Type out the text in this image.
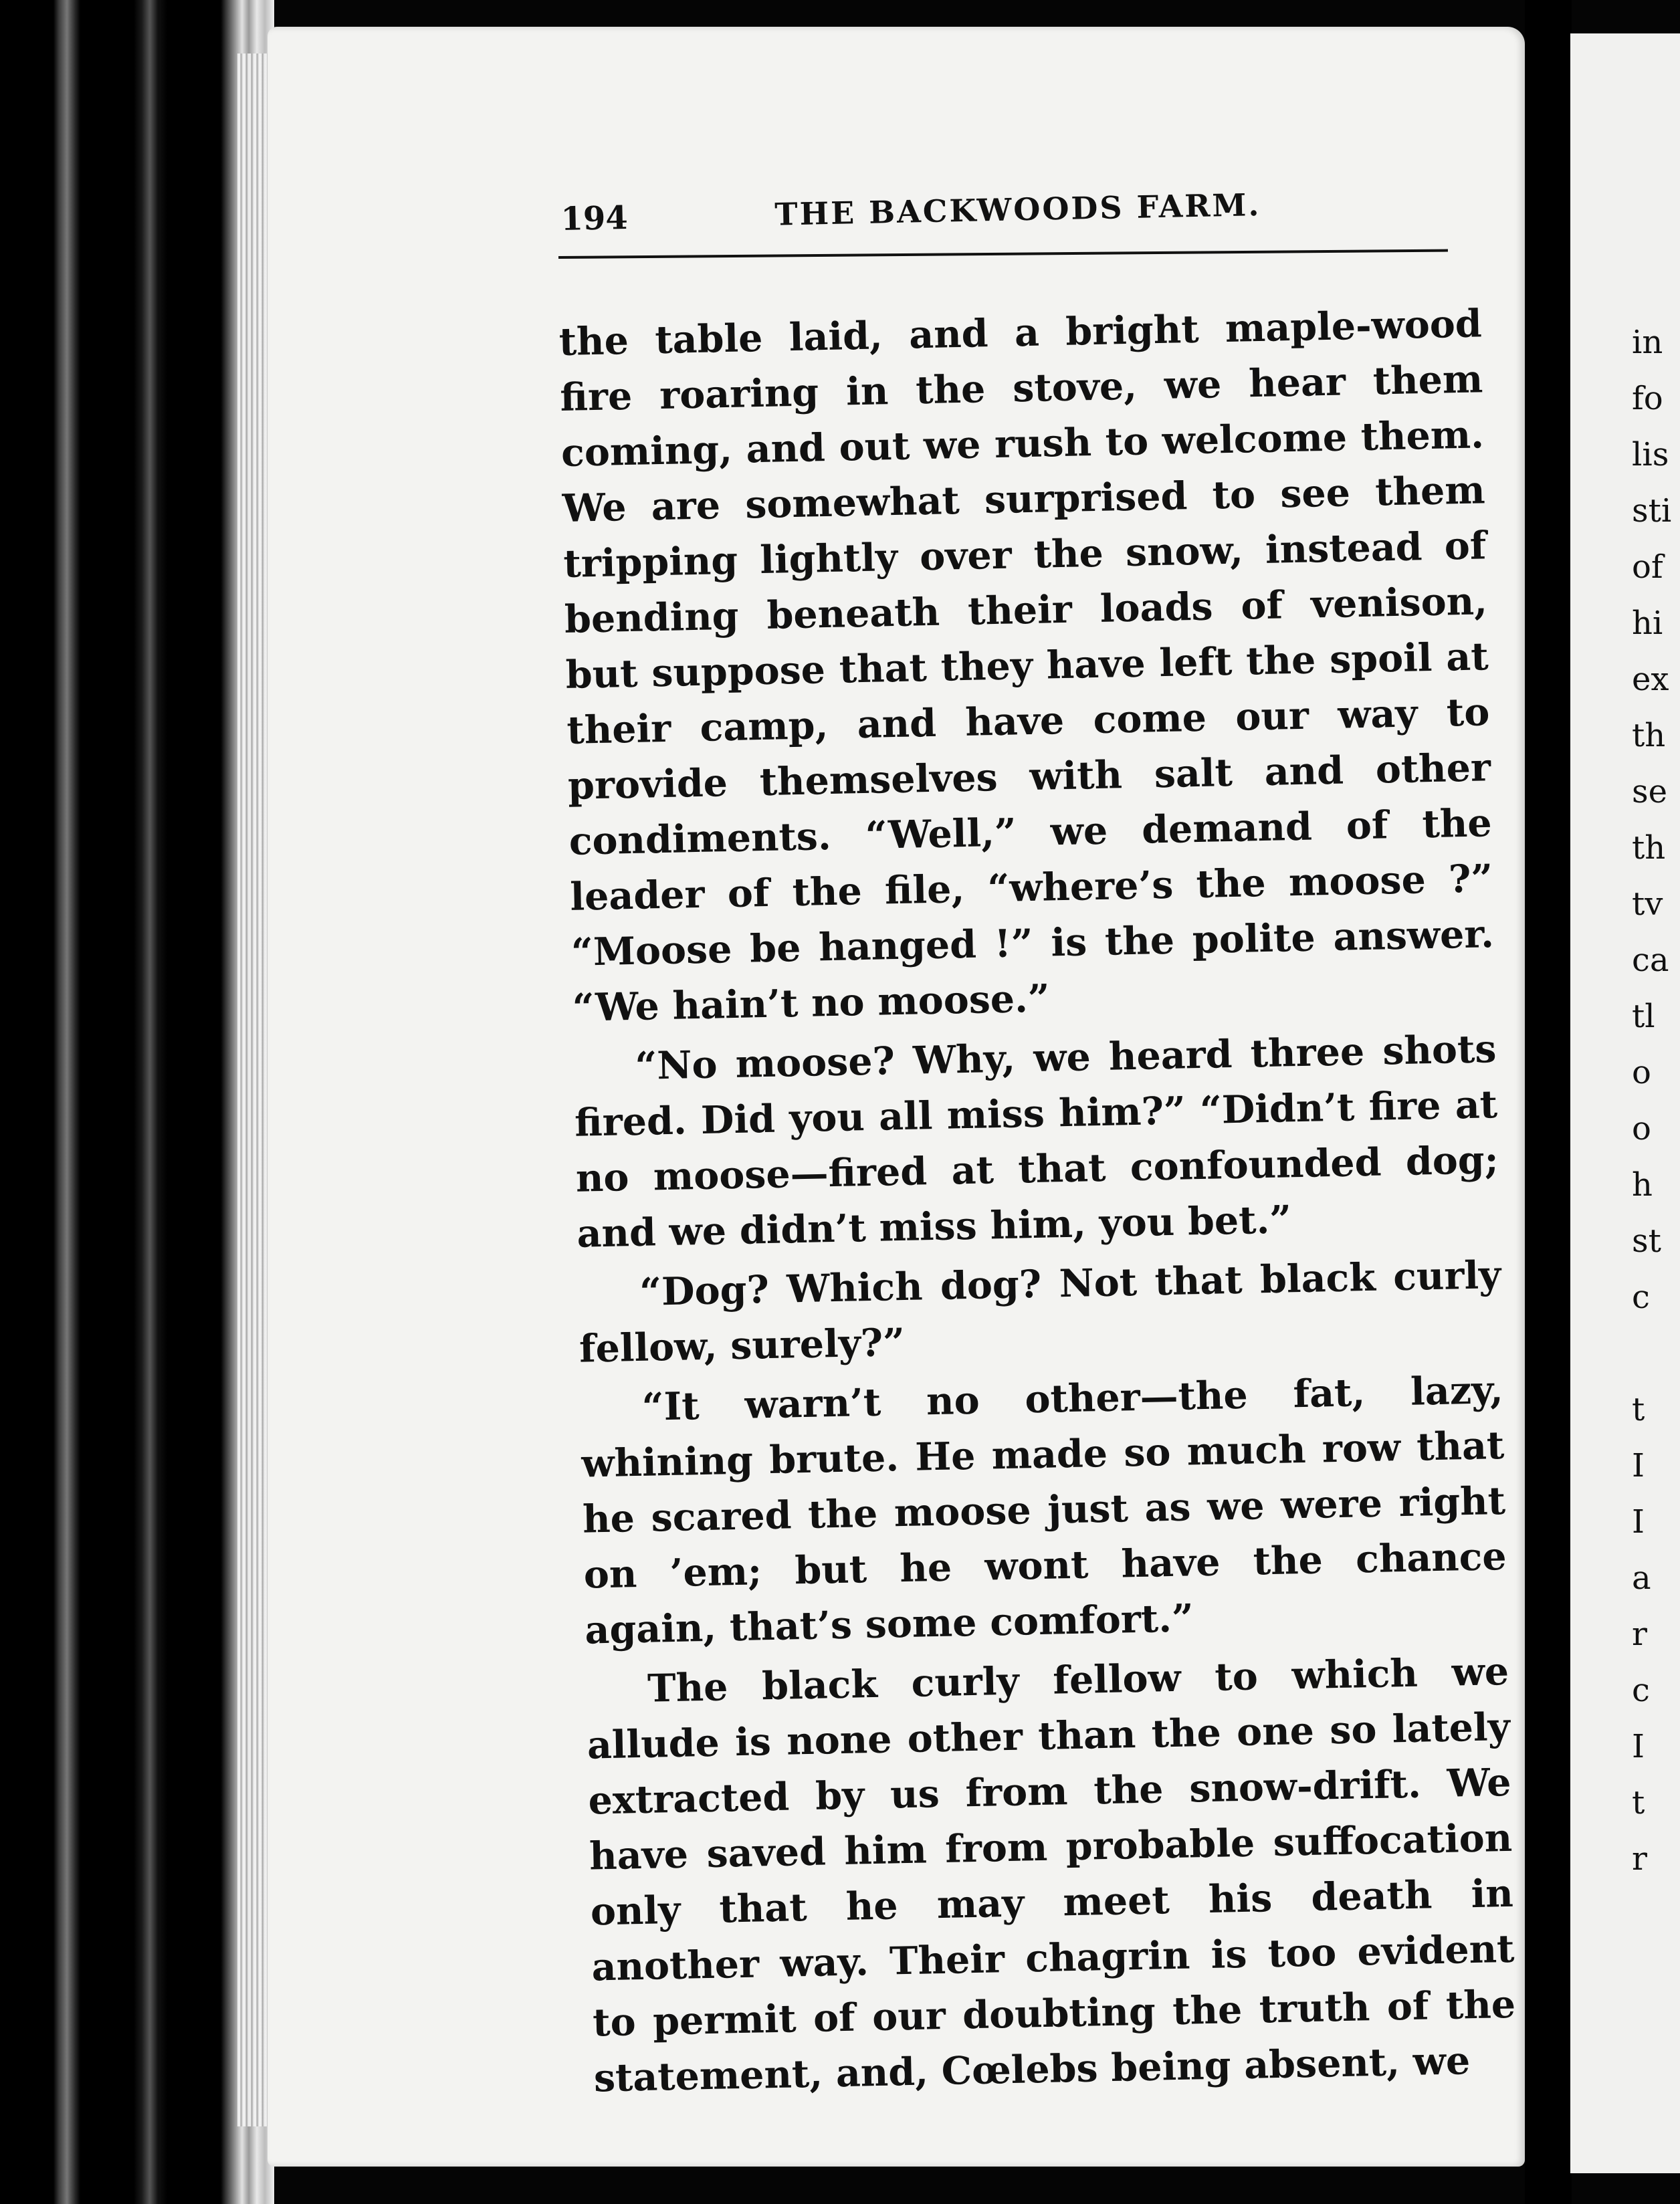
in
fo
lis
sti
of
hi
ex
th
se
th
tv
ca
tl
o
o
h
st
c
t
I
I
a
r
c
I
t
r
194	THE BACKWOODS FARM.

the table laid, and a bright maple-wood fire roaring in the stove, we hear them coming, and out we rush to welcome them. We are somewhat surprised to see them tripping lightly over the snow, instead of bending beneath their loads of venison, but suppose that they have left the spoil at their camp, and have come our way to provide themselves with salt and other condiments. “Well,” we demand of the leader of the file, “where’s the moose ?” “Moose be hanged !” is the polite answer. “We hain’t no moose.”

“No moose? Why, we heard three shots fired. Did you all miss him?” “Didn’t fire at no moose—fired at that confounded dog; and we didn’t miss him, you bet.”

“Dog? Which dog? Not that black curly fellow, surely?”

“It warn’t no other—the fat, lazy, whining brute. He made so much row that he scared the moose just as we were right on ’em; but he wont have the chance again, that’s some comfort.”

The black curly fellow to which we allude is none other than the one so lately extracted by us from the snow-drift. We have saved him from probable suffocation only that he may meet his death in another way. Their chagrin is too evident to permit of our doubting the truth of the statement, and, Cœlebs being absent, we
